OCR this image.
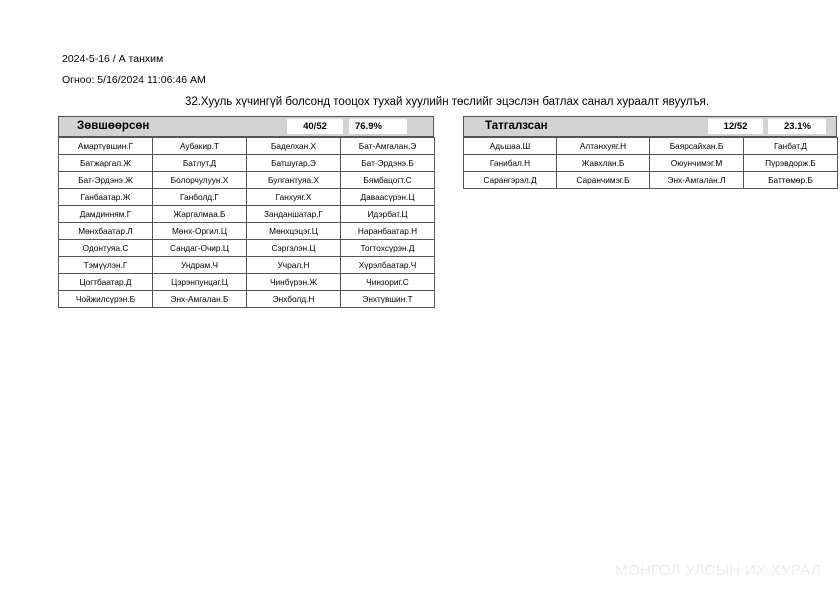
2024-5-16 / А танхим
Огноо: 5/16/2024 11:06:46 AM
32.Хууль хүчингүй болсонд тооцох тухай хуулийн төслийг эцэслэн батлах санал хураалт явуулъя.
Зөвшөөрсөн	40/52	76.9%
Амартүвшин.Г	Аубакир.Т	Баделхан.Х	Бат-Амгалан.Э
Батжаргал.Ж	Батлут.Д	Батшугар.Э	Бат-Эрдэнэ.Б
Бат-Эрдэнэ.Ж	Болорчулуун.Х	Булгантуяа.Х	Бямбацогт.С
Ганбаатар.Ж	Ганболд.Г	Ганхуяг.Х	Даваасүрэн.Ц
Дамдинням.Г	Жаргалмаа.Б	Занданшатар.Г	Идэрбат.Ц
Мөнхбаатар.Л	Мөнх-Оргил.Ц	Мөнхцэцэг.Ц	Наранбаатар.Н
Одонтуяа.С	Сандаг-Очир.Ц	Сэргэлэн.Ц	Тогтохсүрэн.Д
Тэмүүлэн.Г	Ундрам.Ч	Учрал.Н	Хүрэлбаатар.Ч
Цогтбаатар.Д	Цэрэнпунцаг.Ц	Чинбүрэн.Ж	Чинзориг.С
Чойжилсүрэн.Б	Энх-Амгалан.Б	Энхболд.Н	Энхтүвшин.Т
Татгалзсан	12/52	23.1%
Адьшаа.Ш	Алтанхуяг.Н	Баярсайхан.Б	Ганбат.Д
Ганибал.Н	Жавхлан.Б	Оюунчимэг.М	Пүрэвдорж.Б
Сарангэрэл.Д	Саранчимэг.Б	Энх-Амгалан.Л	Баттөмөр.Б
МОНГОЛ УЛСЫН ИХ ХУРАЛ
